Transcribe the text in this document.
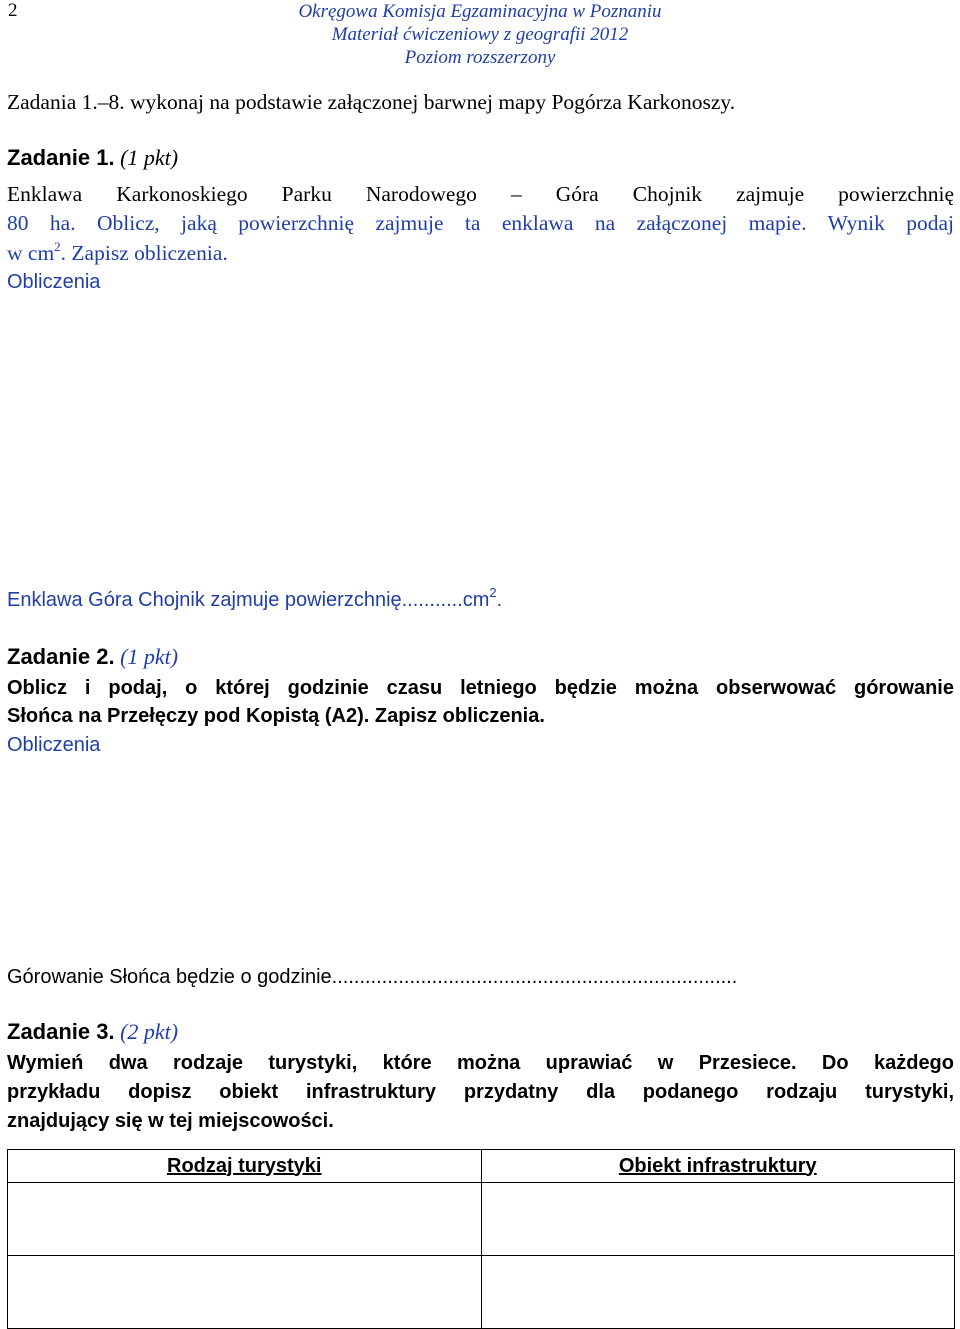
2	Okręgowa Komisja Egzaminacyjna w Poznaniu
Materiał ćwiczeniowy z geografii 2012
Poziom rozszerzony
Zadania 1.–8. wykonaj na podstawie załączonej barwnej mapy Pogórza Karkonoszy.
Zadanie 1. (1 pkt)
Enklawa Karkonoskiego Parku Narodowego – Góra Chojnik zajmuje powierzchnię
80 ha. Oblicz, jaką powierzchnię zajmuje ta enklawa na załączonej mapie. Wynik podaj
w $cm^2$. Zapisz obliczenia.
Obliczenia
Enklawa Góra Chojnik zajmuje $powierzchnię...........cm^2$.
Zadanie 2. (1 pkt)
Oblicz i podaj, o której godzinie czasu letniego będzie można obserwować górowanie
Słońca na Przełęczy pod Kopistą (A2). Zapisz obliczenia.
Obliczenia
Górowanie Słońca będzie o godzinie.........................................................................
Zadanie 3. (2 pkt)
Wymień dwa rodzaje turystyki, które można uprawiać w Przesiece. Do każdego
przykładu dopisz obiekt infrastruktury przydatny dla podanego rodzaju turystyki,
znajdujący się w tej miejscowości.
Rodzaj turystyki	Obiekt infrastruktury
